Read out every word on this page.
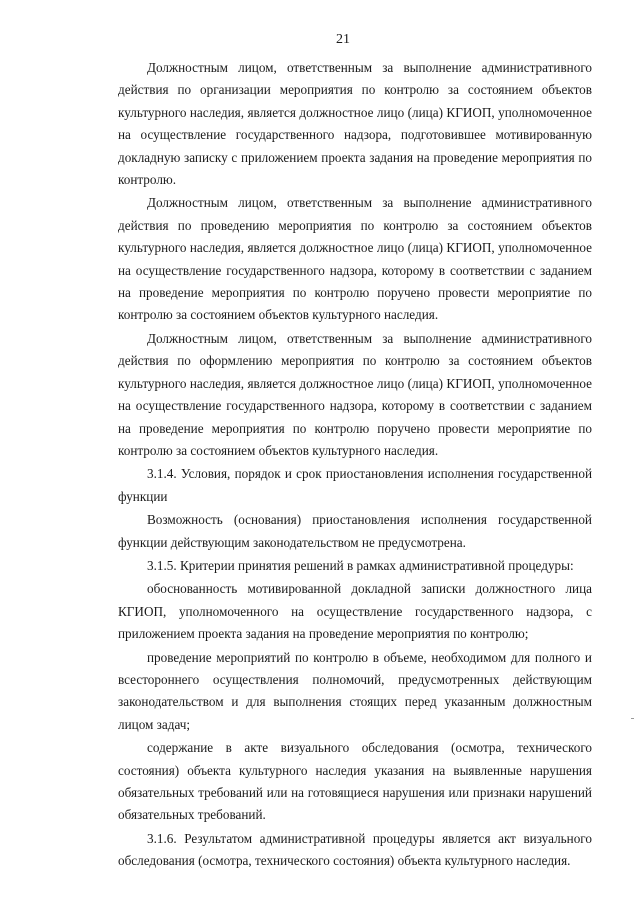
21

Должностным лицом, ответственным за выполнение административного действия по организации мероприятия по контролю за состоянием объектов культурного наследия, является должностное лицо (лица) КГИОП, уполномоченное на осуществление государственного надзора, подготовившее мотивированную докладную записку с приложением проекта задания на проведение мероприятия по контролю.

Должностным лицом, ответственным за выполнение административного действия по проведению мероприятия по контролю за состоянием объектов культурного наследия, является должностное лицо (лица) КГИОП, уполномоченное на осуществление государственного надзора, которому в соответствии с заданием на проведение мероприятия по контролю поручено провести мероприятие по контролю за состоянием объектов культурного наследия.

Должностным лицом, ответственным за выполнение административного действия по оформлению мероприятия по контролю за состоянием объектов культурного наследия, является должностное лицо (лица) КГИОП, уполномоченное на осуществление государственного надзора, которому в соответствии с заданием на проведение мероприятия по контролю поручено провести мероприятие по контролю за состоянием объектов культурного наследия.

3.1.4. Условия, порядок и срок приостановления исполнения государственной функции

Возможность (основания) приостановления исполнения государственной функции действующим законодательством не предусмотрена.

3.1.5. Критерии принятия решений в рамках административной процедуры:

обоснованность мотивированной докладной записки должностного лица КГИОП, уполномоченного на осуществление государственного надзора, с приложением проекта задания на проведение мероприятия по контролю;

проведение мероприятий по контролю в объеме, необходимом для полного и всестороннего осуществления полномочий, предусмотренных действующим законодательством и для выполнения стоящих перед указанным должностным лицом задач;

содержание в акте визуального обследования (осмотра, технического состояния) объекта культурного наследия указания на выявленные нарушения обязательных требований или на готовящиеся нарушения или признаки нарушений обязательных требований.

3.1.6. Результатом административной процедуры является акт визуального обследования (осмотра, технического состояния) объекта культурного наследия.
